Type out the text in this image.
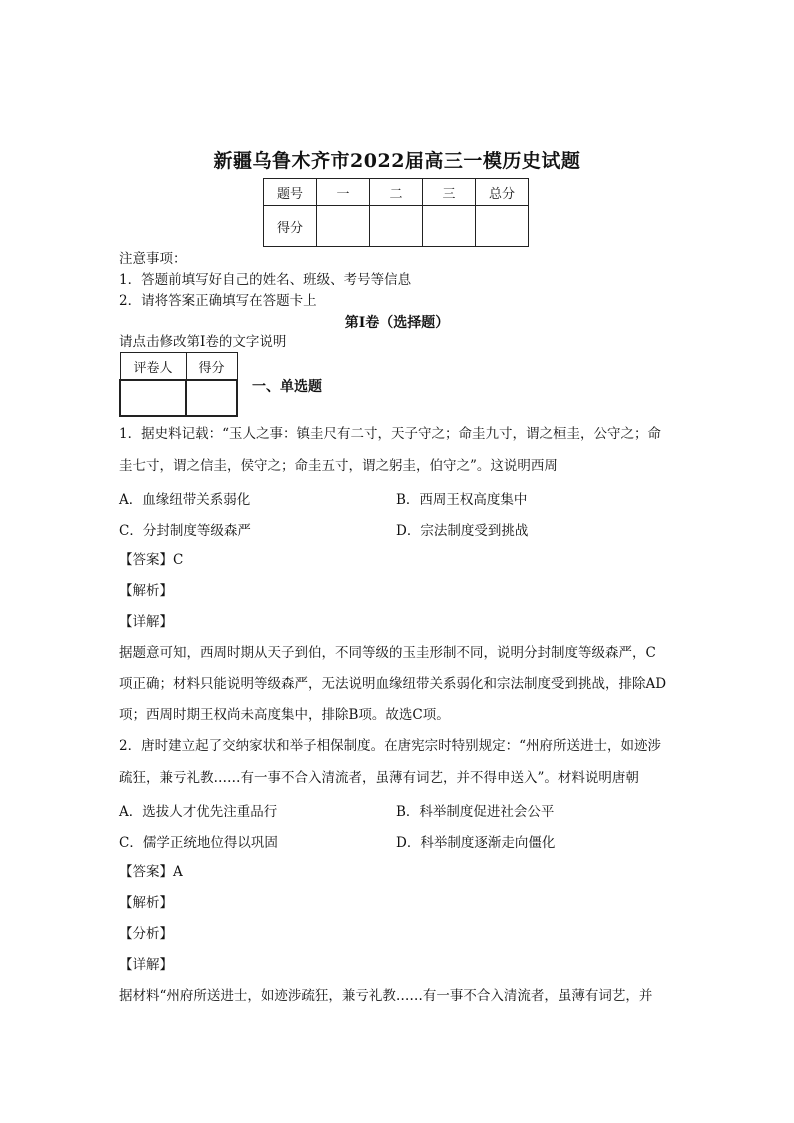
新疆乌鲁木齐市2022届高三一模历史试题
题号	一	二	三	总分
得分				
注意事项：
1．答题前填写好自己的姓名、班级、考号等信息
2．请将答案正确填写在答题卡上
第I卷（选择题）
请点击修改第I卷的文字说明
评卷人	得分

一、单选题
1．据史料记载：“玉人之事：镇圭尺有二寸，天子守之；命圭九寸，谓之桓圭，公守之；命
圭七寸，谓之信圭，侯守之；命圭五寸，谓之躬圭，伯守之”。这说明西周
A．血缘纽带关系弱化	B．西周王权高度集中
C．分封制度等级森严	D．宗法制度受到挑战
【答案】C
【解析】
【详解】
据题意可知，西周时期从天子到伯，不同等级的玉圭形制不同，说明分封制度等级森严，C
项正确；材料只能说明等级森严，无法说明血缘纽带关系弱化和宗法制度受到挑战，排除AD
项；西周时期王权尚未高度集中，排除B项。故选C项。
2．唐时建立起了交纳家状和举子相保制度。在唐宪宗时特别规定：“州府所送进士，如迹涉
疏狂，兼亏礼教……有一事不合入清流者，虽薄有词艺，并不得申送入”。材料说明唐朝
A．选拔人才优先注重品行	B．科举制度促进社会公平
C．儒学正统地位得以巩固	D．科举制度逐渐走向僵化
【答案】A
【解析】
【分析】
【详解】
据材料“州府所送进士，如迹涉疏狂，兼亏礼教……有一事不合入清流者，虽薄有词艺，并
